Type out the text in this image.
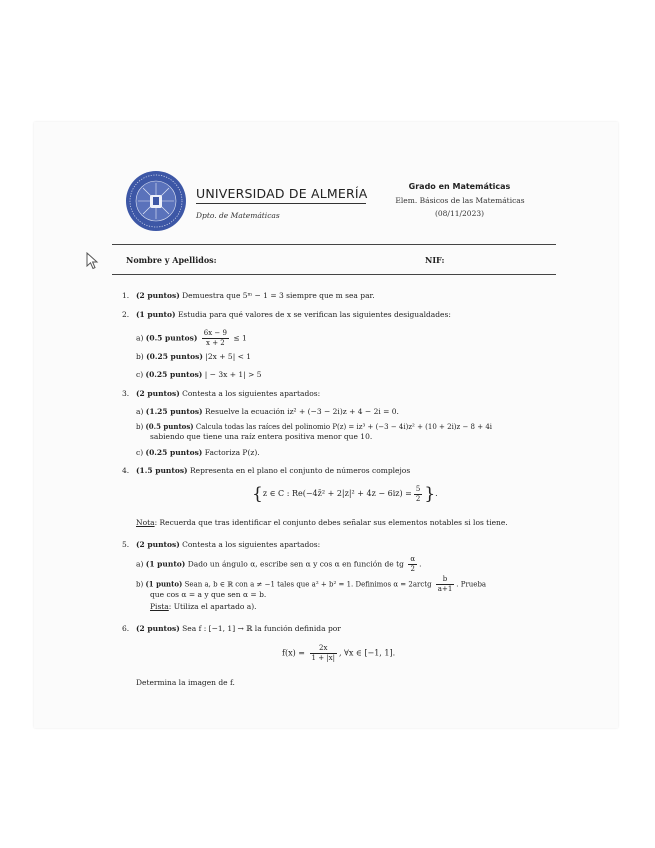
UNIVERSIDAD DE ALMERÍA
Dpto. de Matemáticas
Grado en Matemáticas
Elem. Básicos de las Matemáticas
(08/11/2023)
Nombre y Apellidos:	NIF:
1. (2 puntos) Demuestra que 5ᵐ − 1 = 3 siempre que m sea par.
2. (1 punto) Estudia para qué valores de x se verifican las siguientes desigualdades:
a) (0.5 puntos) $\frac{6x - 9}{x + 2} \le 1$
b) (0.25 puntos) |2x + 5| < 1
c) (0.25 puntos) | − 3x + 1| > 5
3. (2 puntos) Contesta a los siguientes apartados:
a) (1.25 puntos) Resuelve la ecuación iz² + (−3 − 2i)z + 4 − 2i = 0.
b) (0.5 puntos) Calcula todas las raíces del polinomio P(z) = iz³ + (−3 − 4i)z² + (10 + 2i)z − 8 + 4i
sabiendo que tiene una raíz entera positiva menor que 10.
c) (0.25 puntos) Factoriza P(z).
4. (1.5 puntos) Representa en el plano el conjunto de números complejos
{z ∈ C : Re(−4z̄² + $2|z|^2 + 4z - 6iz) = \frac{5}{2}$ }.
Nota: Recuerda que tras identificar el conjunto debes señalar sus elementos notables si los tiene.
5. (2 puntos) Contesta a los siguientes apartados:
a) (1 punto) Dado un ángulo α, escribe sen α y cos α en función de tg $\frac{\alpha}{2}$ .
b) (1 punto) Sean a, b ∈ ℝ con a ≠ −1 tales que a² + b² = 1. Definimos α = 2arctg $\frac{b}{a+1}$ . Prueba
que cos α = a y que sen α = b.
Pista: Utiliza el apartado a).
6. (2 puntos) Sea f : [−1, 1] → ℝ la función definida por
$f(x) = \frac{2x}{1 + |x|}$ , ∀x ∈ [−1, 1].
Determina la imagen de f.
